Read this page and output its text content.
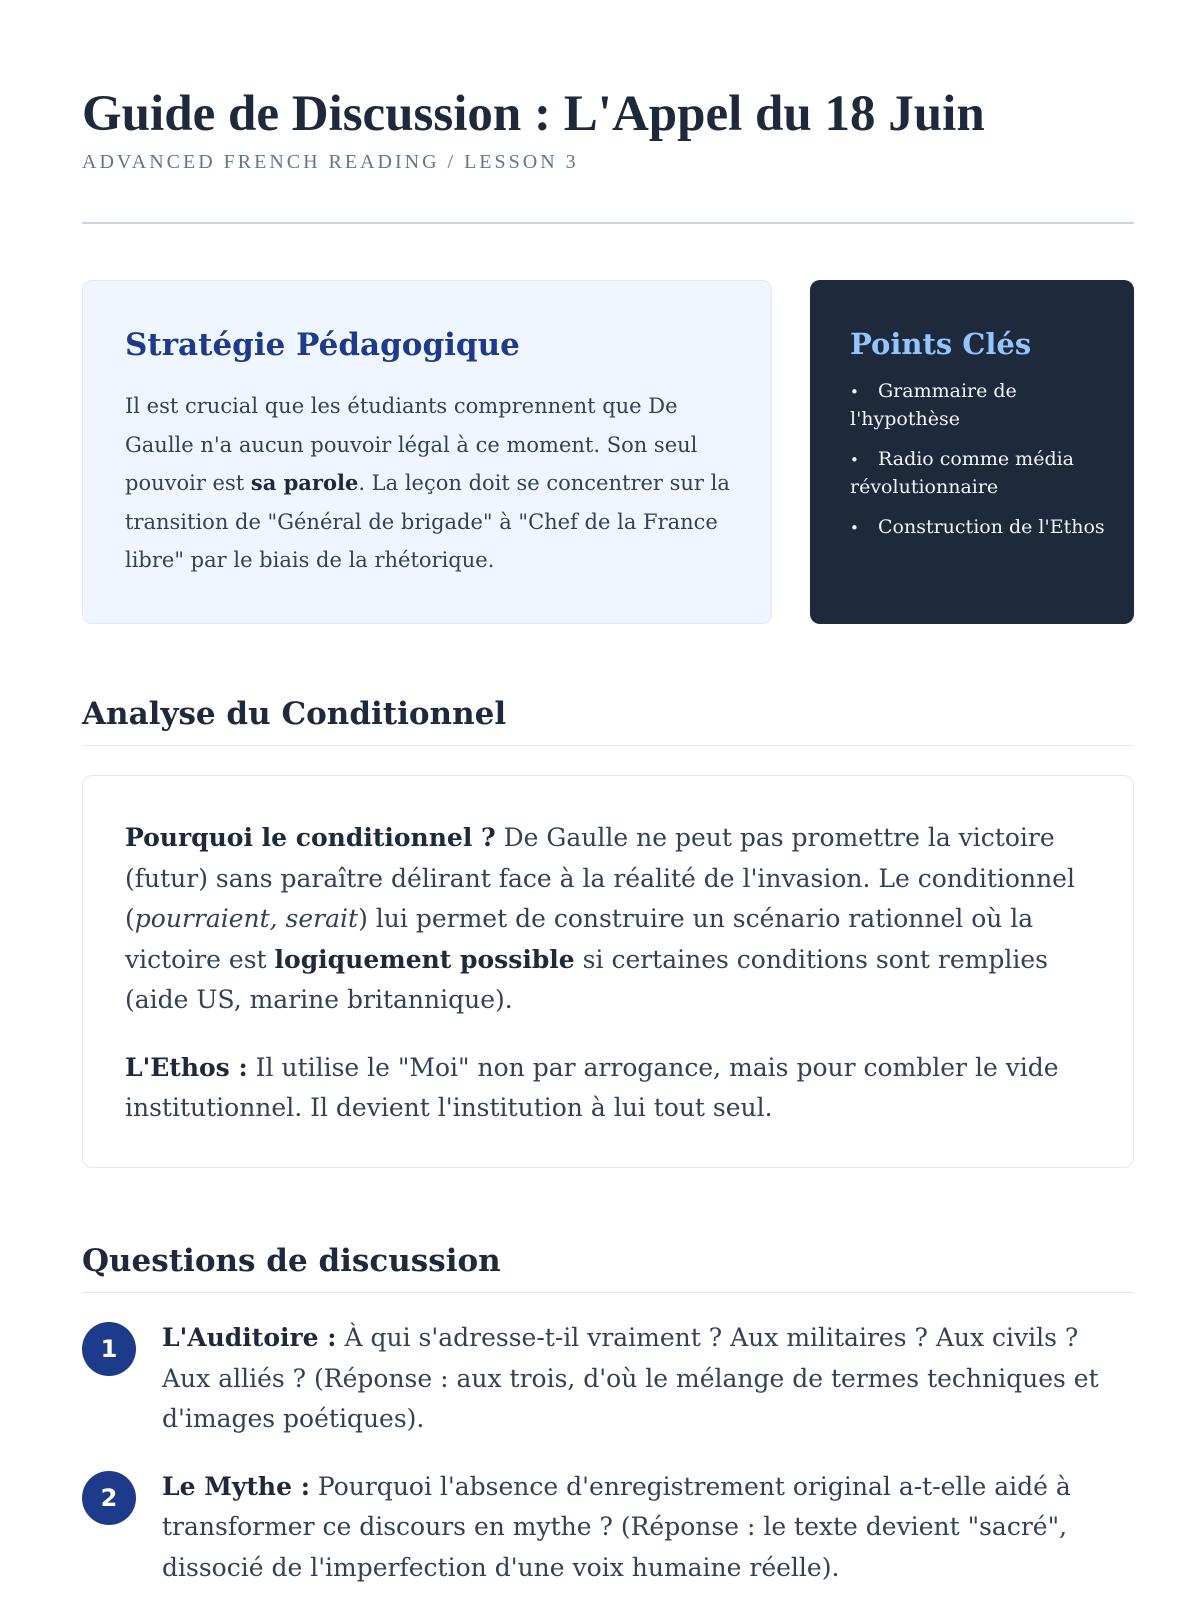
Guide de Discussion : L'Appel du 18 Juin
ADVANCED FRENCH READING / LESSON 3
Stratégie Pédagogique

Il est crucial que les étudiants comprennent que De Gaulle n'a aucun pouvoir légal à ce moment. Son seul pouvoir est sa parole. La leçon doit se concentrer sur la transition de "Général de brigade" à "Chef de la France libre" par le biais de la rhétorique.

Points Clés
• Grammaire de l'hypothèse
• Radio comme média révolutionnaire
• Construction de l'Ethos
Analyse du Conditionnel

Pourquoi le conditionnel ? De Gaulle ne peut pas promettre la victoire (futur) sans paraître délirant face à la réalité de l'invasion. Le conditionnel (pourraient, serait) lui permet de construire un scénario rationnel où la victoire est logiquement possible si certaines conditions sont remplies (aide US, marine britannique).

L'Ethos : Il utilise le "Moi" non par arrogance, mais pour combler le vide institutionnel. Il devient l'institution à lui tout seul.

Questions de discussion
1	L'Auditoire : À qui s'adresse-t-il vraiment ? Aux militaires ? Aux civils ? Aux alliés ? (Réponse : aux trois, d'où le mélange de termes techniques et d'images poétiques).
2	Le Mythe : Pourquoi l'absence d'enregistrement original a-t-elle aidé à transformer ce discours en mythe ? (Réponse : le texte devient "sacré", dissocié de l'imperfection d'une voix humaine réelle).
